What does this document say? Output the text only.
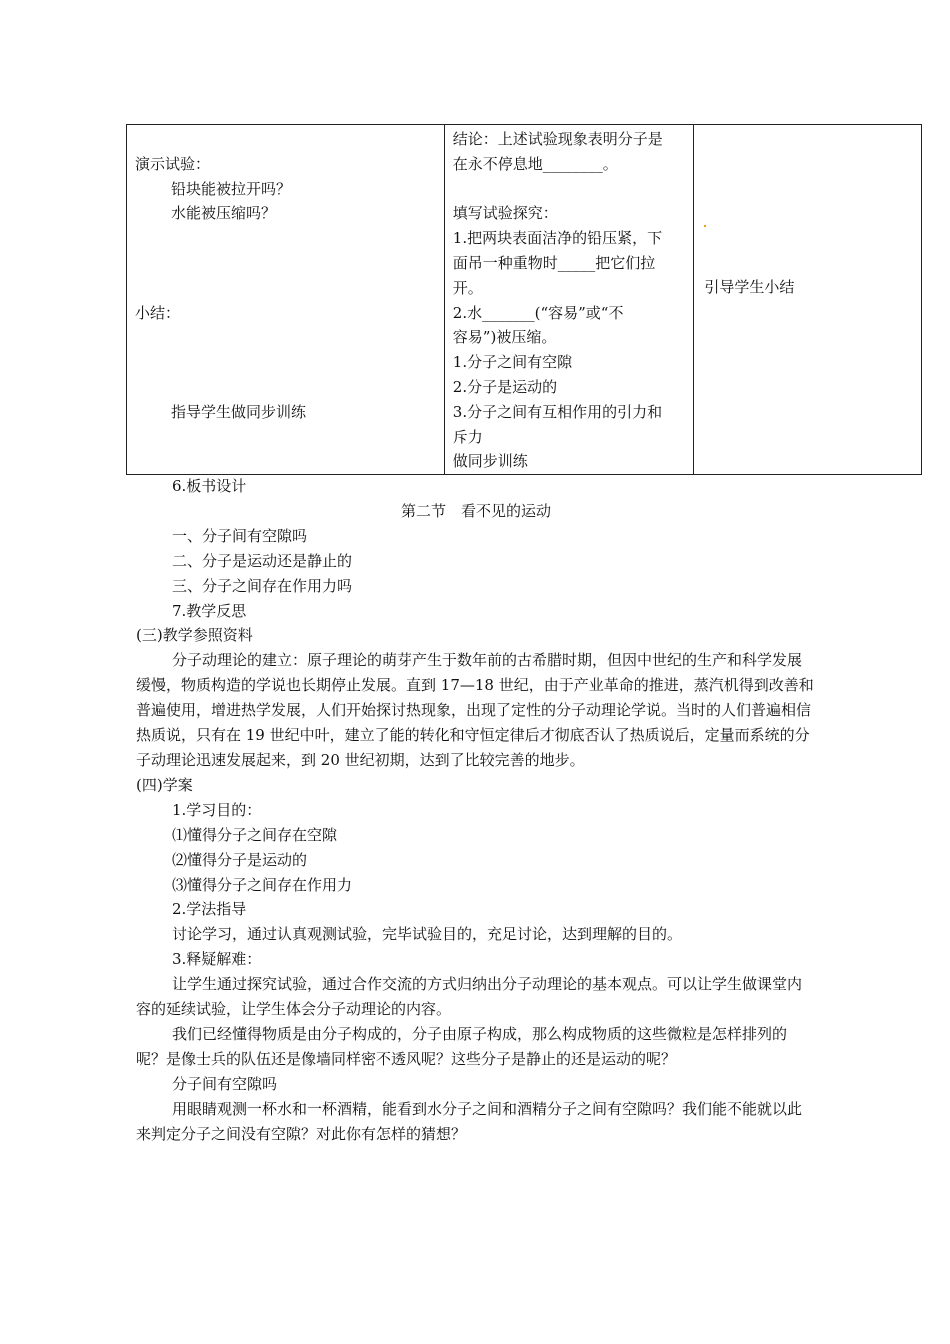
演示试验：
铅块能被拉开吗？
水能被压缩吗？
小结：
指导学生做同步训练

结论：上述试验现象表明分子是
在永不停息地________。
填写试验探究：
1.把两块表面洁净的铅压紧，下
面吊一种重物时_____把它们拉
开。
2.水_______(“容易”或“不
容易”)被压缩。
1.分子之间有空隙
2.分子是运动的
3.分子之间有互相作用的引力和
斥力
做同步训练

引导学生小结

6.板书设计

第二节　看不见的运动

一、分子间有空隙吗

二、分子是运动还是静止的

三、分子之间存在作用力吗

7.教学反思

(三)教学参照资料

分子动理论的建立：原子理论的萌芽产生于数年前的古希腊时期，但因中世纪的生产和科学发展缓慢，物质构造的学说也长期停止发展。直到 17—18 世纪，由于产业革命的推进，蒸汽机得到改善和普遍使用，增进热学发展，人们开始探讨热现象，出现了定性的分子动理论学说。当时的人们普遍相信热质说，只有在 19 世纪中叶，建立了能的转化和守恒定律后才彻底否认了热质说后，定量而系统的分子动理论迅速发展起来，到 20 世纪初期，达到了比较完善的地步。

(四)学案

1.学习目的：

⑴懂得分子之间存在空隙

⑵懂得分子是运动的

⑶懂得分子之间存在作用力

2.学法指导

讨论学习，通过认真观测试验，完毕试验目的，充足讨论，达到理解的目的。

3.释疑解难：

让学生通过探究试验，通过合作交流的方式归纳出分子动理论的基本观点。可以让学生做课堂内容的延续试验，让学生体会分子动理论的内容。

我们已经懂得物质是由分子构成的，分子由原子构成，那么构成物质的这些微粒是怎样排列的呢？是像士兵的队伍还是像墙同样密不透风呢？这些分子是静止的还是运动的呢？

分子间有空隙吗

用眼睛观测一杯水和一杯酒精，能看到水分子之间和酒精分子之间有空隙吗？我们能不能就以此来判定分子之间没有空隙？对此你有怎样的猜想？
